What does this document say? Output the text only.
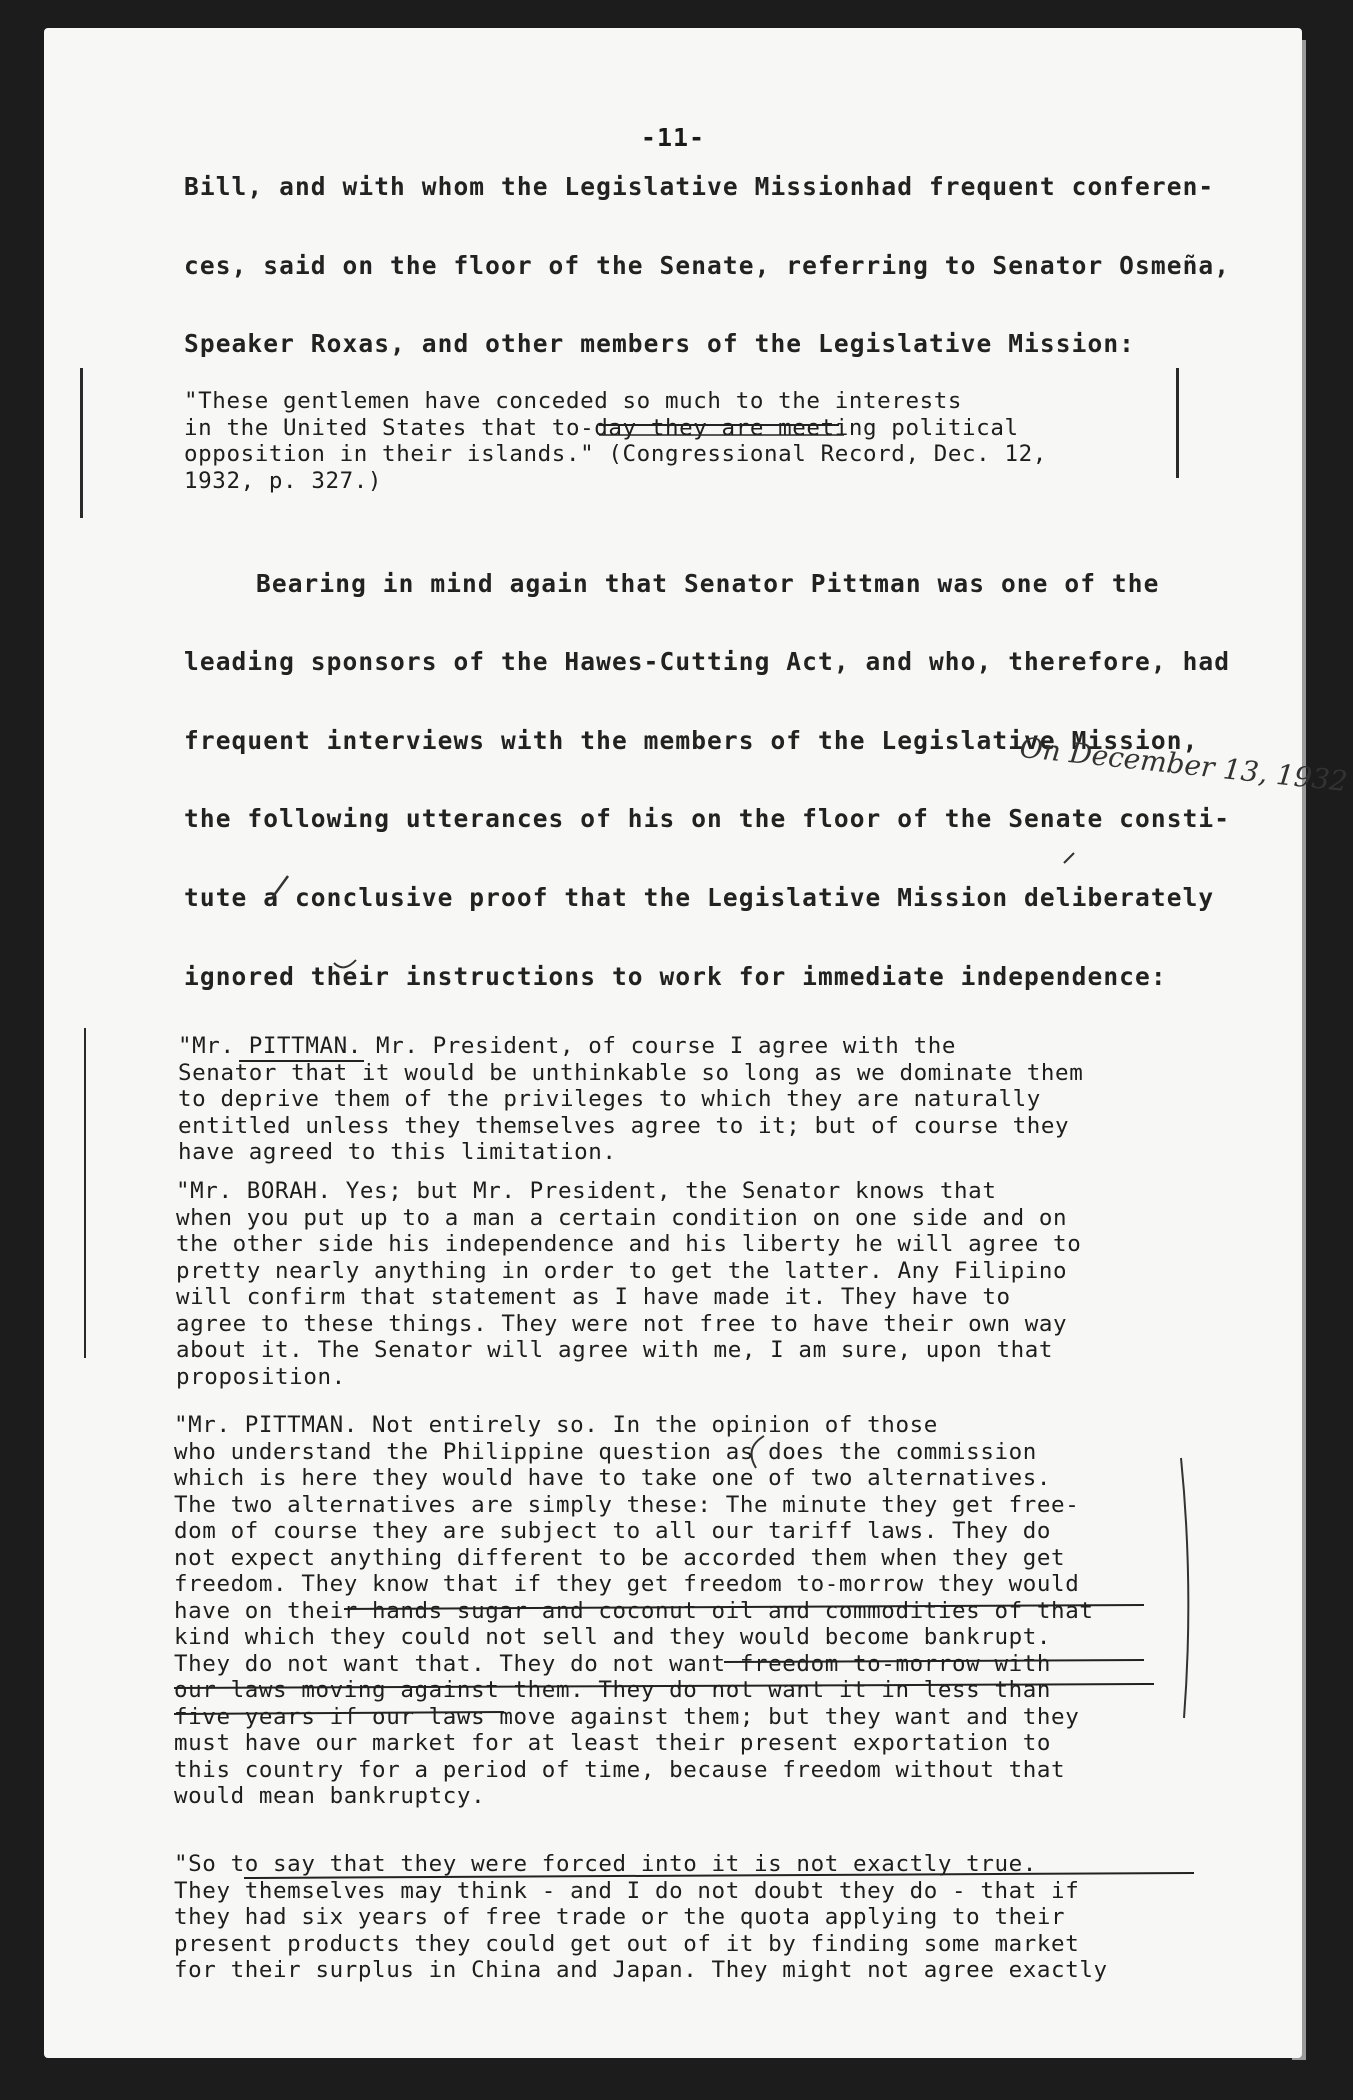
-11-
Bill, and with whom the Legislative Missionhad frequent conferen-
ces, said on the floor of the Senate, referring to Senator Osmeña,
Speaker Roxas, and other members of the Legislative Mission:
"These gentlemen have conceded so much to the interests
in the United States that to-day they are meeting political
opposition in their islands." (Congressional Record, Dec. 12,
1932, p. 327.)
Bearing in mind again that Senator Pittman was one of the
leading sponsors of the Hawes-Cutting Act, and who, therefore, had
frequent interviews with the members of the Legislative Mission,
the following utterances of his on the floor of the Senate consti-
tute a conclusive proof that the Legislative Mission deliberately
ignored their instructions to work for immediate independence:
On December 13, 1932
"Mr. PITTMAN. Mr. President, of course I agree with the
Senator that it would be unthinkable so long as we dominate them
to deprive them of the privileges to which they are naturally
entitled unless they themselves agree to it; but of course they
have agreed to this limitation.
"Mr. BORAH. Yes; but Mr. President, the Senator knows that
when you put up to a man a certain condition on one side and on
the other side his independence and his liberty he will agree to
pretty nearly anything in order to get the latter. Any Filipino
will confirm that statement as I have made it. They have to
agree to these things. They were not free to have their own way
about it. The Senator will agree with me, I am sure, upon that
proposition.
"Mr. PITTMAN. Not entirely so. In the opinion of those
who understand the Philippine question as does the commission
which is here they would have to take one of two alternatives.
The two alternatives are simply these: The minute they get free-
dom of course they are subject to all our tariff laws. They do
not expect anything different to be accorded them when they get
freedom. They know that if they get freedom to-morrow they would
have on their hands sugar and coconut oil and commodities of that
kind which they could not sell and they would become bankrupt.
They do not want that. They do not want freedom to-morrow with
our laws moving against them. They do not want it in less than
five years if our laws move against them; but they want and they
must have our market for at least their present exportation to
this country for a period of time, because freedom without that
would mean bankruptcy.
"So to say that they were forced into it is not exactly true.
They themselves may think - and I do not doubt they do - that if
they had six years of free trade or the quota applying to their
present products they could get out of it by finding some market
for their surplus in China and Japan. They might not agree exactly
